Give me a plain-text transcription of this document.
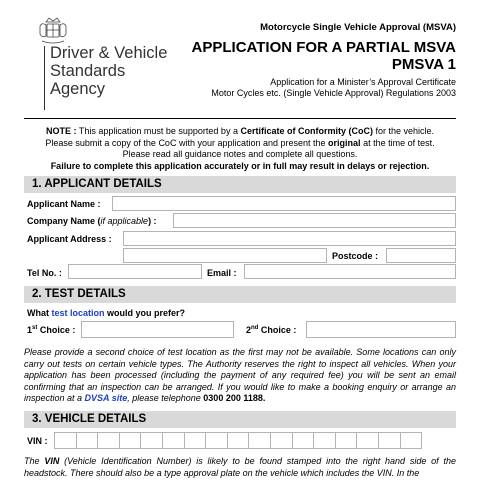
Driver & Vehicle
Standards
Agency
Motorcycle Single Vehicle Approval (MSVA)
APPLICATION FOR A PARTIAL MSVA
PMSVA 1
Application for a Minister’s Approval Certificate
Motor Cycles etc. (Single Vehicle Approval) Regulations 2003
NOTE : This application must be supported by a Certificate of Conformity (CoC) for the vehicle.
Please submit a copy of the CoC with your application and present the original at the time of test.
Please read all guidance notes and complete all questions.
Failure to complete this application accurately or in full may result in delays or rejection.
1. APPLICANT DETAILS
Applicant Name :
Company Name (if applicable) :
Applicant Address :
Postcode :
Tel No. :	Email :
2. TEST DETAILS
What test location would you prefer?
1st Choice :	2nd Choice :
Please provide a second choice of test location as the first may not be available. Some locations can only carry out tests on certain vehicle types. The Authority reserves the right to inspect all vehicles. When your application has been processed (including the payment of any required fee) you will be sent an email confirming that an inspection can be arranged. If you would like to make a booking enquiry or arrange an inspection at a DVSA site, please telephone 0300 200 1188.
3. VEHICLE DETAILS
VIN :
The VIN (Vehicle Identification Number) is likely to be found stamped into the right hand side of the headstock. There should also be a type approval plate on the vehicle which includes the VIN. In the
